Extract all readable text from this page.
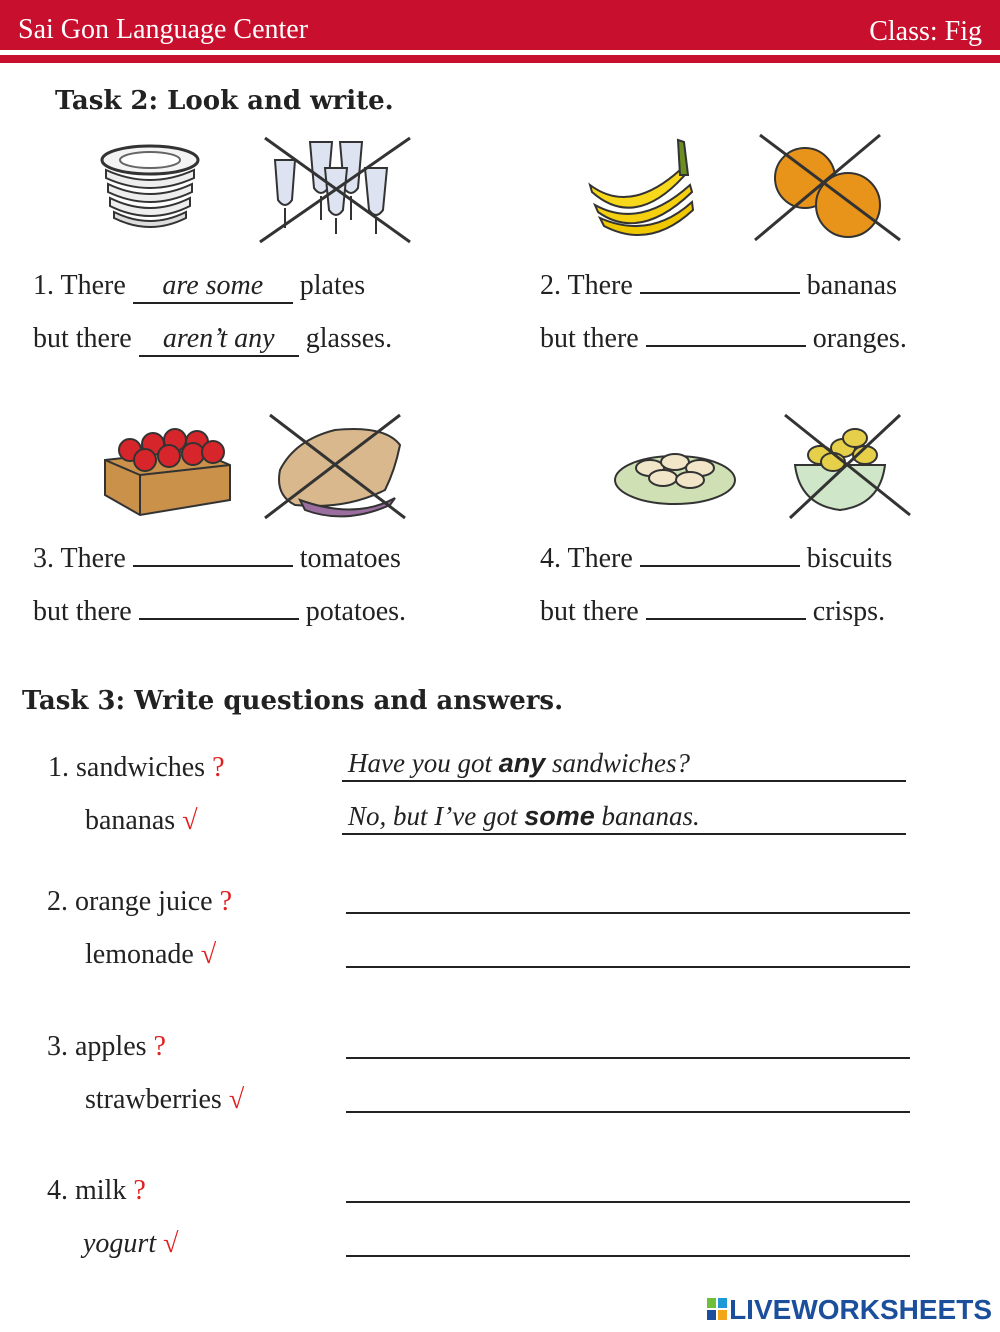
Sai Gon Language Center	Class: Fig
Task 2: Look and write.
1. There are some plates
but there aren’t any glasses.
2. There	bananas
but there	oranges.
3. There	tomatoes
but there	potatoes.
4. There	biscuits
but there	crisps.
Task 3: Write questions and answers.
1. sandwiches ?	Have you got any sandwiches?
bananas √	No, but I’ve got some bananas.
2. orange juice ?
lemonade √
3. apples ?
strawberries √
4. milk ?
yogurt √
LIVEWORKSHEETS
